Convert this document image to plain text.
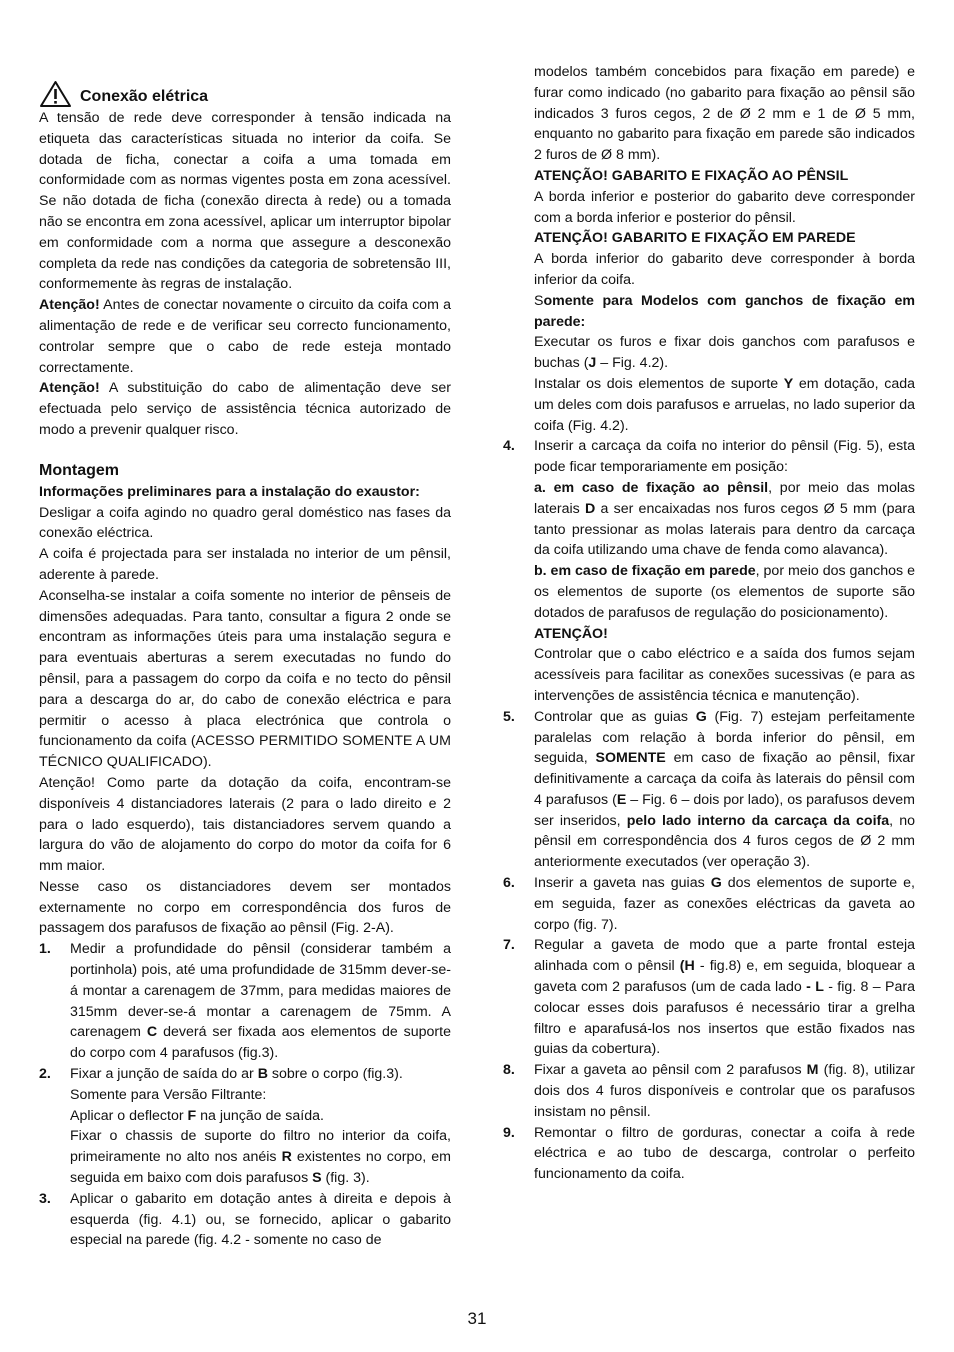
Conexão elétrica

A tensão de rede deve corresponder à tensão indicada na etiqueta das características situada no interior da coifa. Se dotada de ficha, conectar a coifa a uma tomada em conformidade com as normas vigentes posta em zona acessível. Se não dotada de ficha (conexão directa à rede) ou a tomada não se encontra em zona acessível, aplicar um interruptor bipolar em conformidade com a norma que assegure a desconexão completa da rede nas condições da categoria de sobretensão III, conformemente às regras de instalação.

Atenção! Antes de conectar novamente o circuito da coifa com a alimentação de rede e de verificar seu correcto funcionamento, controlar sempre que o cabo de rede esteja montado correctamente.

Atenção! A substituição do cabo de alimentação deve ser efectuada pelo serviço de assistência técnica autorizado de modo a prevenir qualquer risco.

Montagem

Informações preliminares para a instalação do exaustor:

Desligar a coifa agindo no quadro geral doméstico nas fases da conexão eléctrica.

A coifa é projectada para ser instalada no interior de um pênsil, aderente à parede.

Aconselha-se instalar a coifa somente no interior de pênseis de dimensões adequadas. Para tanto, consultar a figura 2 onde se encontram as informações úteis para uma instalação segura e para eventuais aberturas a serem executadas no fundo do pênsil, para a passagem do corpo da coifa e no tecto do pênsil para a descarga do ar, do cabo de conexão eléctrica e para permitir o acesso à placa electrónica que controla o funcionamento da coifa (ACESSO PERMITIDO SOMENTE A UM TÉCNICO QUALIFICADO).

Atenção! Como parte da dotação da coifa, encontram-se disponíveis 4 distanciadores laterais (2 para o lado direito e 2 para o lado esquerdo), tais distanciadores servem quando a largura do vão de alojamento do corpo do motor da coifa for 6 mm maior.

Nesse caso os distanciadores devem ser montados externamente no corpo em correspondência dos furos de passagem dos parafusos de fixação ao pênsil (Fig. 2-A).

1.	Medir a profundidade do pênsil (considerar também a portinhola) pois, até uma profundidade de 315mm dever-se-á montar a carenagem de 37mm, para medidas maiores de 315mm dever-se-á montar a carenagem de 75mm. A carenagem C deverá ser fixada aos elementos de suporte do corpo com 4 parafusos (fig.3).

2.	Fixar a junção de saída do ar B sobre o corpo (fig.3).

Somente para Versão Filtrante:

Aplicar o deflector F na junção de saída.

Fixar o chassis de suporte do filtro no interior da coifa, primeiramente no alto nos anéis R existentes no corpo, em seguida em baixo com dois parafusos S (fig. 3).

3.	Aplicar o gabarito em dotação antes à direita e depois à esquerda (fig. 4.1) ou, se fornecido, aplicar o gabarito especial na parede (fig. 4.2 - somente no caso de

modelos também concebidos para fixação em parede) e furar como indicado (no gabarito para fixação ao pênsil são indicados 3 furos cegos, 2 de Ø 2 mm e 1 de Ø 5 mm, enquanto no gabarito para fixação em parede são indicados 2 furos de Ø 8 mm).

ATENÇÃO! GABARITO E FIXAÇÃO AO PÊNSIL

A borda inferior e posterior do gabarito deve corresponder com a borda inferior e posterior do pênsil.

ATENÇÃO! GABARITO E FIXAÇÃO EM PAREDE

A borda inferior do gabarito deve corresponder à borda inferior da coifa.

Somente para Modelos com ganchos de fixação em parede:

Executar os furos e fixar dois ganchos com parafusos e buchas (J – Fig. 4.2).

Instalar os dois elementos de suporte Y em dotação, cada um deles com dois parafusos e arruelas, no lado superior da coifa (Fig. 4.2).

4.	Inserir a carcaça da coifa no interior do pênsil (Fig. 5), esta pode ficar temporariamente em posição:

a. em caso de fixação ao pênsil, por meio das molas laterais D a ser encaixadas nos furos cegos Ø 5 mm (para tanto pressionar as molas laterais para dentro da carcaça da coifa utilizando uma chave de fenda como alavanca).

b. em caso de fixação em parede, por meio dos ganchos e os elementos de suporte (os elementos de suporte são dotados de parafusos de regulação do posicionamento).

ATENÇÃO!

Controlar que o cabo eléctrico e a saída dos fumos sejam acessíveis para facilitar as conexões sucessivas (e para as intervenções de assistência técnica e manutenção).

5.	Controlar que as guias G (Fig. 7) estejam perfeitamente paralelas com relação à borda inferior do pênsil, em seguida, SOMENTE em caso de fixação ao pênsil, fixar definitivamente a carcaça da coifa às laterais do pênsil com 4 parafusos (E – Fig. 6 – dois por lado), os parafusos devem ser inseridos, pelo lado interno da carcaça da coifa, no pênsil em correspondência dos 4 furos cegos de Ø 2 mm anteriormente executados (ver operação 3).

6.	Inserir a gaveta nas guias G dos elementos de suporte e, em seguida, fazer as conexões eléctricas da gaveta ao corpo (fig. 7).

7.	Regular a gaveta de modo que a parte frontal esteja alinhada com o pênsil (H - fig.8) e, em seguida, bloquear a gaveta com 2 parafusos (um de cada lado - L - fig. 8 – Para colocar esses dois parafusos é necessário tirar a grelha filtro e aparafusá-los nos insertos que estão fixados nas guias da cobertura).

8.	Fixar a gaveta ao pênsil com 2 parafusos M (fig. 8), utilizar dois dos 4 furos disponíveis e controlar que os parafusos insistam no pênsil.

9.	Remontar o filtro de gorduras, conectar a coifa à rede eléctrica e ao tubo de descarga, controlar o perfeito funcionamento da coifa.

31
